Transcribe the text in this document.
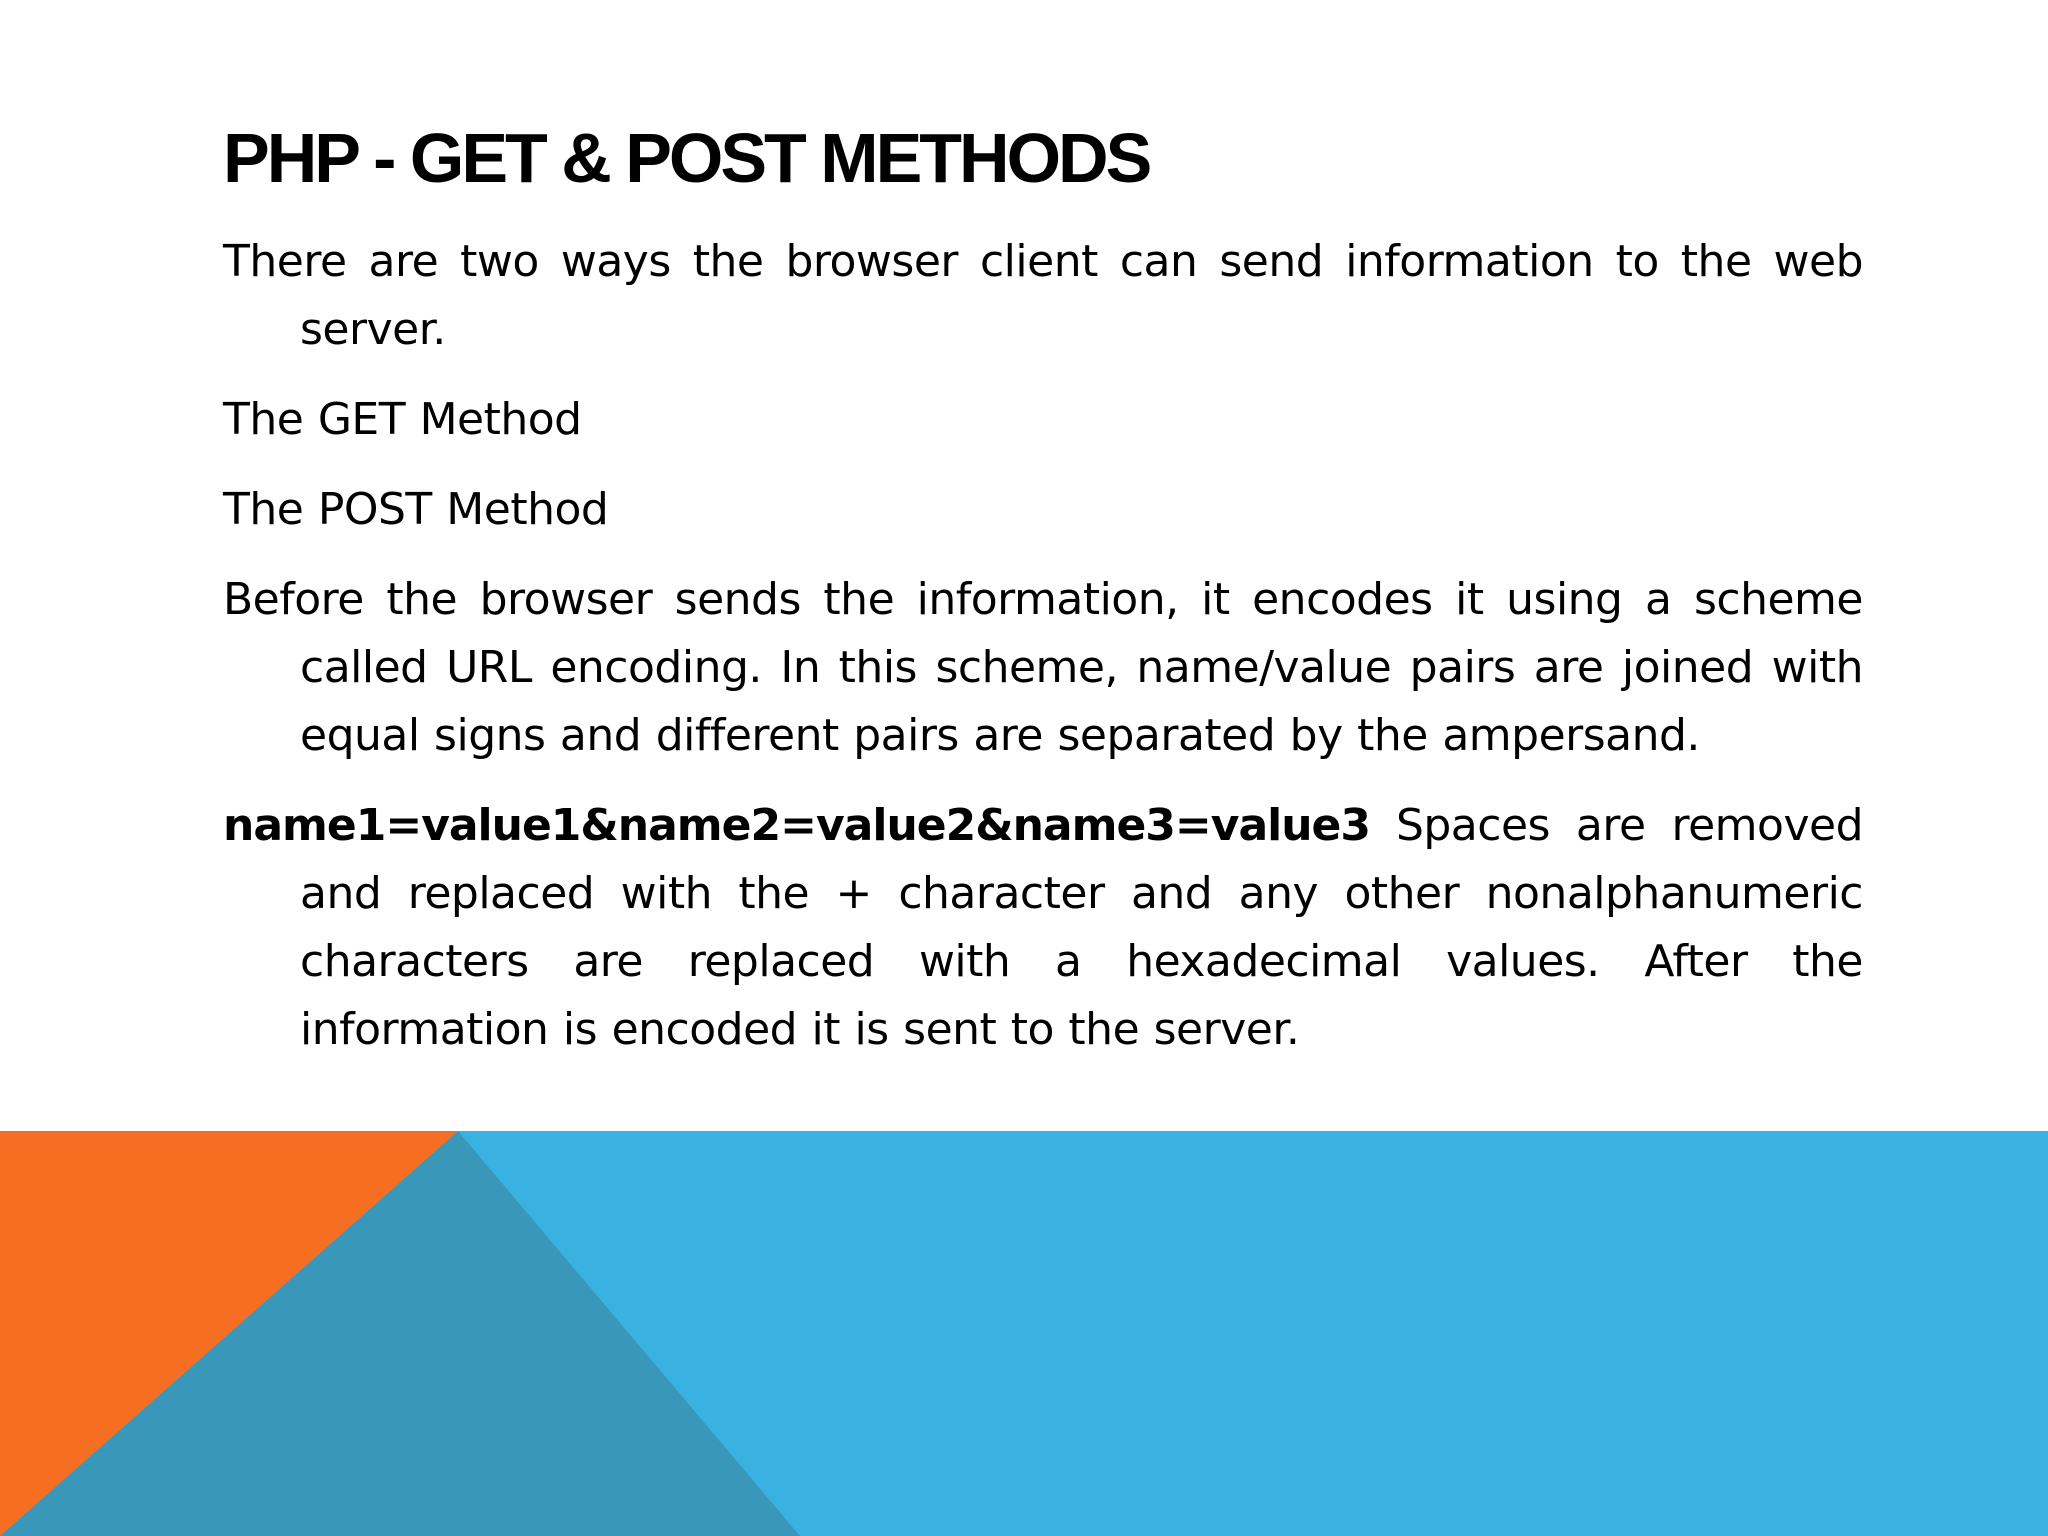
PHP - GET & POST METHODS

There are two ways the browser client can send information to the web server.

The GET Method

The POST Method

Before the browser sends the information, it encodes it using a scheme called URL encoding. In this scheme, name/value pairs are joined with equal signs and different pairs are separated by the ampersand.

name1=value1&name2=value2&name3=value3 Spaces are removed and replaced with the + character and any other nonalphanumeric characters are replaced with a hexadecimal values. After the information is encoded it is sent to the server.
